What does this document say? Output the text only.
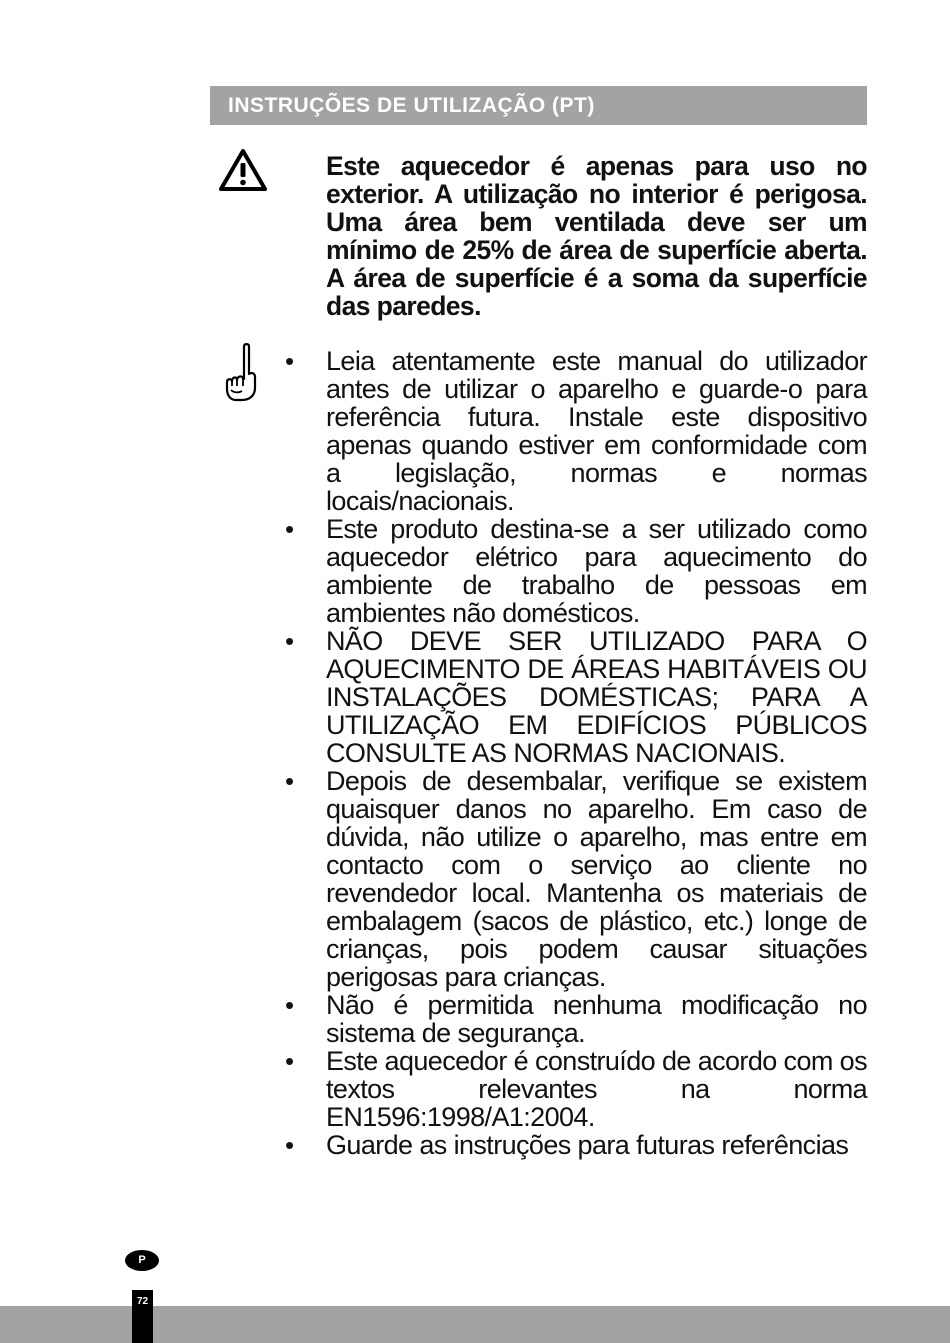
INSTRUÇÕES DE UTILIZAÇÃO (PT)
Este aquecedor é apenas para uso no exterior. A utilização no interior é perigosa. Uma área bem ventilada deve ser um mínimo de 25% de área de superfície aberta. A área de superfície é a soma da superfície das paredes.
• Leia atentamente este manual do utilizador antes de utilizar o aparelho e guarde-o para referência futura. Instale este dispositivo apenas quando estiver em conformidade com a legislação, normas e normas locais/nacionais.
• Este produto destina-se a ser utilizado como aquecedor elétrico para aquecimento do ambiente de trabalho de pessoas em ambientes não domésticos.
• NÃO DEVE SER UTILIZADO PARA O AQUECIMENTO DE ÁREAS HABITÁVEIS OU INSTALAÇÕES DOMÉSTICAS; PARA A UTILIZAÇÃO EM EDIFÍCIOS PÚBLICOS CONSULTE AS NORMAS NACIONAIS.
• Depois de desembalar, verifique se existem quaisquer danos no aparelho. Em caso de dúvida, não utilize o aparelho, mas entre em contacto com o serviço ao cliente no revendedor local. Mantenha os materiais de embalagem (sacos de plástico, etc.) longe de crianças, pois podem causar situações perigosas para crianças.
• Não é permitida nenhuma modificação no sistema de segurança.
• Este aquecedor é construído de acordo com os textos relevantes na norma EN1596:1998/A1:2004.
• Guarde as instruções para futuras referências
P
72
